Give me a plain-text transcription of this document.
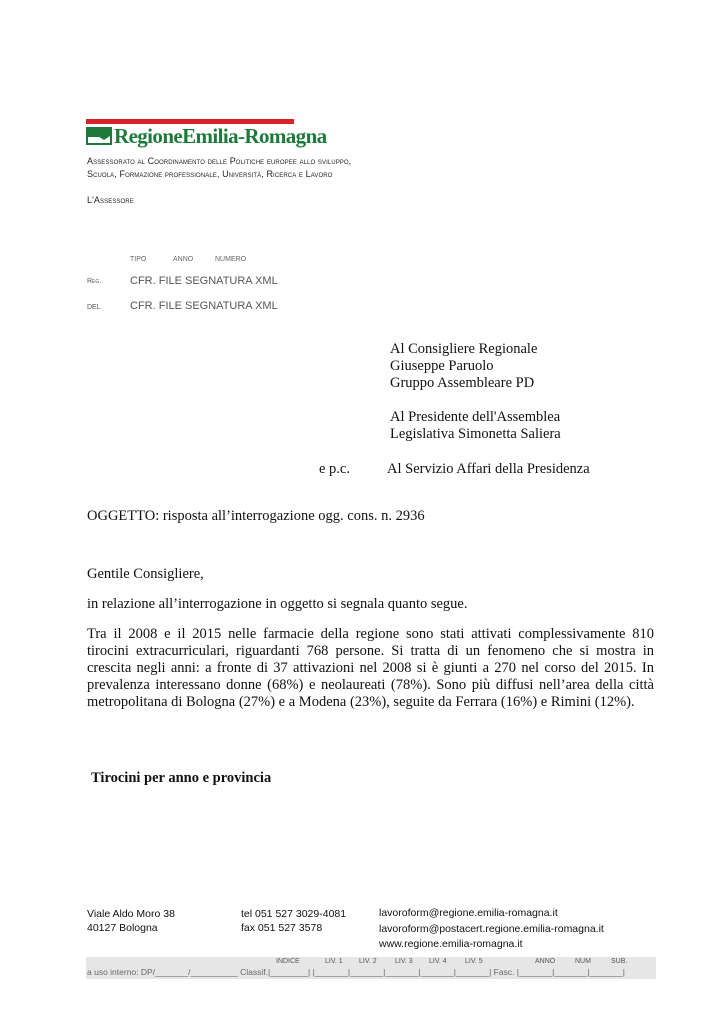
RegioneEmilia-Romagna
Assessorato al Coordinamento delle Politiche europee allo sviluppo,
Scuola, Formazione professionale, Università, Ricerca e Lavoro
L'Assessore
TIPO	ANNO	NUMERO
Reg.	CFR. FILE SEGNATURA XML
DEL	CFR. FILE SEGNATURA XML
Al Consigliere Regionale
Giuseppe Paruolo
Gruppo Assembleare PD
Al Presidente dell'Assemblea
Legislativa Simonetta Saliera
e p.c.	Al Servizio Affari della Presidenza
OGGETTO: risposta all’interrogazione ogg. cons. n. 2936
Gentile Consigliere,
in relazione all’interrogazione in oggetto si segnala quanto segue.

Tra il 2008 e il 2015 nelle farmacie della regione sono stati attivati complessivamente 810 tirocini extracurriculari, riguardanti 768 persone. Si tratta di un fenomeno che si mostra in crescita negli anni: a fronte di 37 attivazioni nel 2008 si è giunti a 270 nel corso del 2015. In prevalenza interessano donne (68%) e neolaureati (78%). Sono più diffusi nell’area della città metropolitana di Bologna (27%) e a Modena (23%), seguite da Ferrara (16%) e Rimini (12%).

Tirocini per anno e provincia
Viale Aldo Moro 38
40127 Bologna
tel 051 527 3029-4081
fax 051 527 3578
lavoroform@regione.emilia-romagna.it
lavoroform@postacert.regione.emilia-romagna.it
www.regione.emilia-romagna.it
INDICE	LIV. 1 LIV. 2	LIV. 3 LIV. 4	LIV. 5	ANNO	NUM	SUB.
a uso interno: DP/_______/__________ Classif.|________| |_______|_______|_______|_______|_______| Fasc. |_______|_______|_______|
